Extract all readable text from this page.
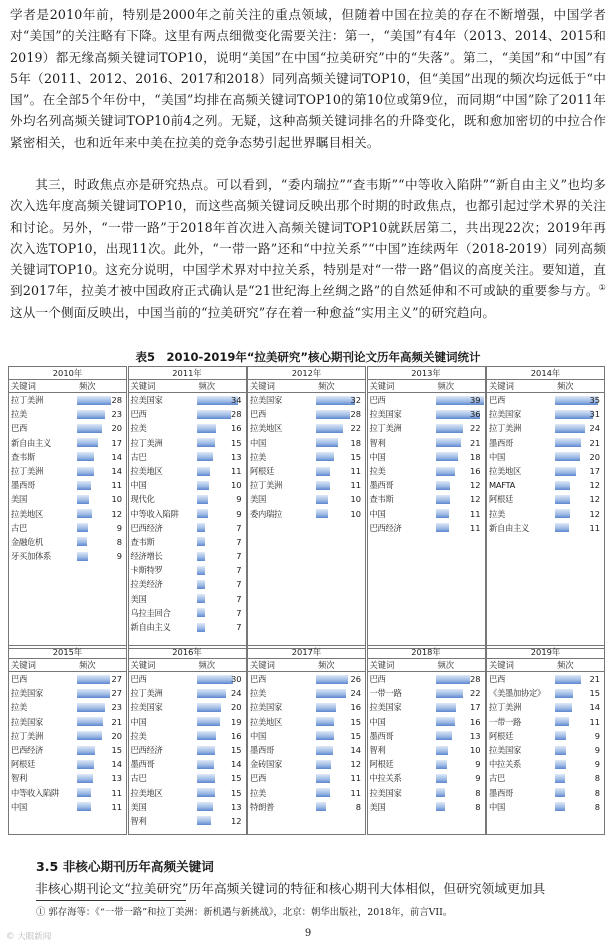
学者是2010年前，特别是2000年之前关注的重点领域，但随着中国在拉美的存在不断增强，中国学者对“美国”的关注略有下降。这里有两点细微变化需要关注：第一，“美国”有4年（2013、2014、2015和2019）都无缘高频关键词TOP10，说明“美国”在中国“拉美研究”中的“失落”。第二，“美国”和“中国”有5年（2011、2012、2016、2017和2018）同列高频关键词TOP10，但“美国”出现的频次均远低于“中国”。在全部5个年份中，“美国”均排在高频关键词TOP10的第10位或第9位，而同期“中国”除了2011年外均名列高频关键词TOP10前4之列。无疑，这种高频关键词排名的升降变化，既和愈加密切的中拉合作紧密相关，也和近年来中美在拉美的竞争态势引起世界瞩目相关。

其三，时政焦点亦是研究热点。可以看到，“委内瑞拉”“查韦斯”“中等收入陷阱”“新自由主义”也均多次入选年度高频关键词TOP10，而这些高频关键词反映出那个时期的时政焦点，也都引起过学术界的关注和讨论。另外，“一带一路”于2018年首次进入高频关键词TOP10就跃居第二，共出现22次；2019年再次入选TOP10，出现11次。此外，“一带一路”还和“中拉关系”“中国”连续两年（2018-2019）同列高频关键词TOP10。这充分说明，中国学术界对中拉关系，特别是对“一带一路”倡议的高度关注。要知道，直到2017年，拉美才被中国政府正式确认是“21世纪海上丝绸之路”的自然延伸和不可或缺的重要参与方。①这从一个侧面反映出，中国当前的“拉美研究”存在着一种愈益“实用主义”的研究趋向。

表5　2010-2019年“拉美研究”核心期刊论文历年高频关键词统计

2010年
关键词	频次
拉丁美洲	28
拉美	23
巴西	20
新自由主义	17
查韦斯	14
拉丁美洲	14
墨西哥	11
美国	10
拉美地区	12
古巴	9
金融危机	8
牙买加体系	9
2011年
关键词	频次
拉美国家	34
巴西	28
拉美	16
拉丁美洲	15
古巴	13
拉美地区	11
中国	10
现代化	9
中等收入陷阱	9
巴西经济	7
查韦斯	7
经济增长	7
卡斯特罗	7
拉美经济	7
美国	7
乌拉圭回合	7
新自由主义	7
2012年
关键词	频次
拉美国家	32
巴西	28
拉美地区	22
中国	18
拉美	15
阿根廷	11
拉丁美洲	11
美国	10
委内瑞拉	10
2013年
关键词	频次
巴西	39
拉美国家	36
拉丁美洲	22
智利	21
中国	18
拉美	16
墨西哥	12
查韦斯	12
中国	11
巴西经济	11
2014年
关键词	频次
巴西	35
拉美国家	31
拉丁美洲	24
墨西哥	21
中国	20
拉美地区	17
MAFTA	12
阿根廷	12
拉美	12
新自由主义	11
2015年
关键词	频次
巴西	27
拉美国家	27
拉美	23
拉美国家	21
拉丁美洲	20
巴西经济	15
阿根廷	14
智利	13
中等收入陷阱	11
中国	11
2016年
关键词	频次
巴西	30
拉丁美洲	24
拉美国家	20
中国	19
拉美	16
巴西经济	15
墨西哥	14
古巴	15
拉美地区	15
美国	13
智利	12
2017年
关键词	频次
巴西	26
拉美	24
拉美国家	16
拉美地区	15
中国	15
墨西哥	14
金砖国家	12
巴西	11
拉美	11
特朗普	8
2018年
关键词	频次
巴西	28
一带一路	22
拉美国家	17
中国	16
墨西哥	13
智利	10
阿根廷	9
中拉关系	9
拉美国家	8
美国	8
2019年
关键词	频次
巴西	21
《美墨加协定》	15
拉丁美洲	14
一带一路	11
阿根廷	9
拉美国家	9
中拉关系	9
古巴	8
墨西哥	8
中国	8

3.5 非核心期刊历年高频关键词

非核心期刊论文“拉美研究”历年高频关键词的特征和核心期刊大体相似，但研究领域更加具

① 郭存海等：《“一带一路”和拉丁美洲：新机遇与新挑战》，北京：朝华出版社，2018年，前言VII。

9

© 大眼新闻
